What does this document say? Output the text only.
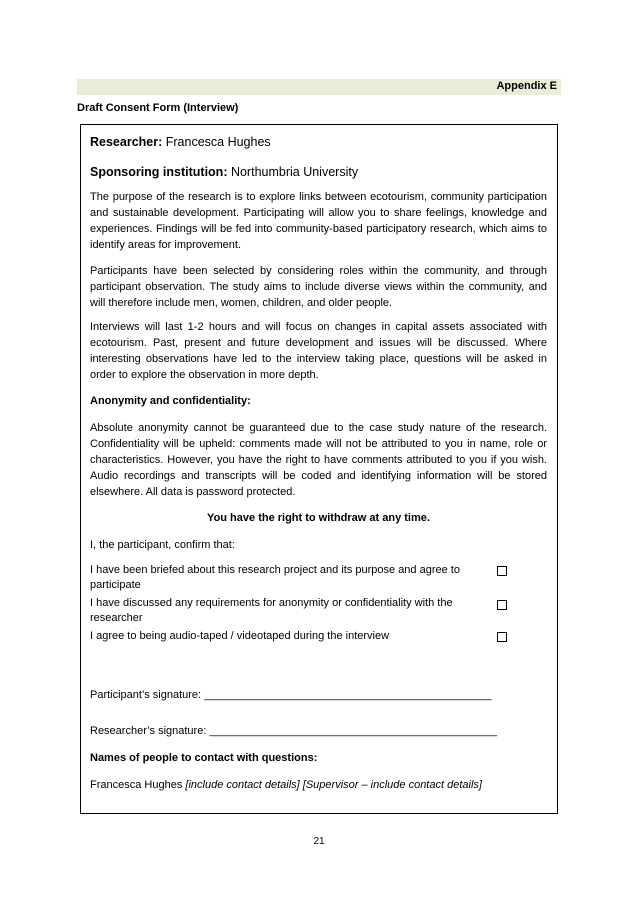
Appendix E
Draft Consent Form (Interview)
Researcher: Francesca Hughes
Sponsoring institution: Northumbria University
The purpose of the research is to explore links between ecotourism, community participation and sustainable development. Participating will allow you to share feelings, knowledge and experiences. Findings will be fed into community-based participatory research, which aims to identify areas for improvement.
Participants have been selected by considering roles within the community, and through participant observation. The study aims to include diverse views within the community, and will therefore include men, women, children, and older people.
Interviews will last 1-2 hours and will focus on changes in capital assets associated with ecotourism. Past, present and future development and issues will be discussed. Where interesting observations have led to the interview taking place, questions will be asked in order to explore the observation in more depth.
Anonymity and confidentiality:
Absolute anonymity cannot be guaranteed due to the case study nature of the research. Confidentiality will be upheld: comments made will not be attributed to you in name, role or characteristics. However, you have the right to have comments attributed to you if you wish. Audio recordings and transcripts will be coded and identifying information will be stored elsewhere. All data is password protected.
You have the right to withdraw at any time.
I, the participant, confirm that:
I have been briefed about this research project and its purpose and agree to participate
I have discussed any requirements for anonymity or confidentiality with the researcher
I agree to being audio-taped / videotaped during the interview
Participant’s signature: _______________________________________________
Researcher’s signature: _______________________________________________
Names of people to contact with questions:
Francesca Hughes [include contact details] [Supervisor – include contact details]
21
